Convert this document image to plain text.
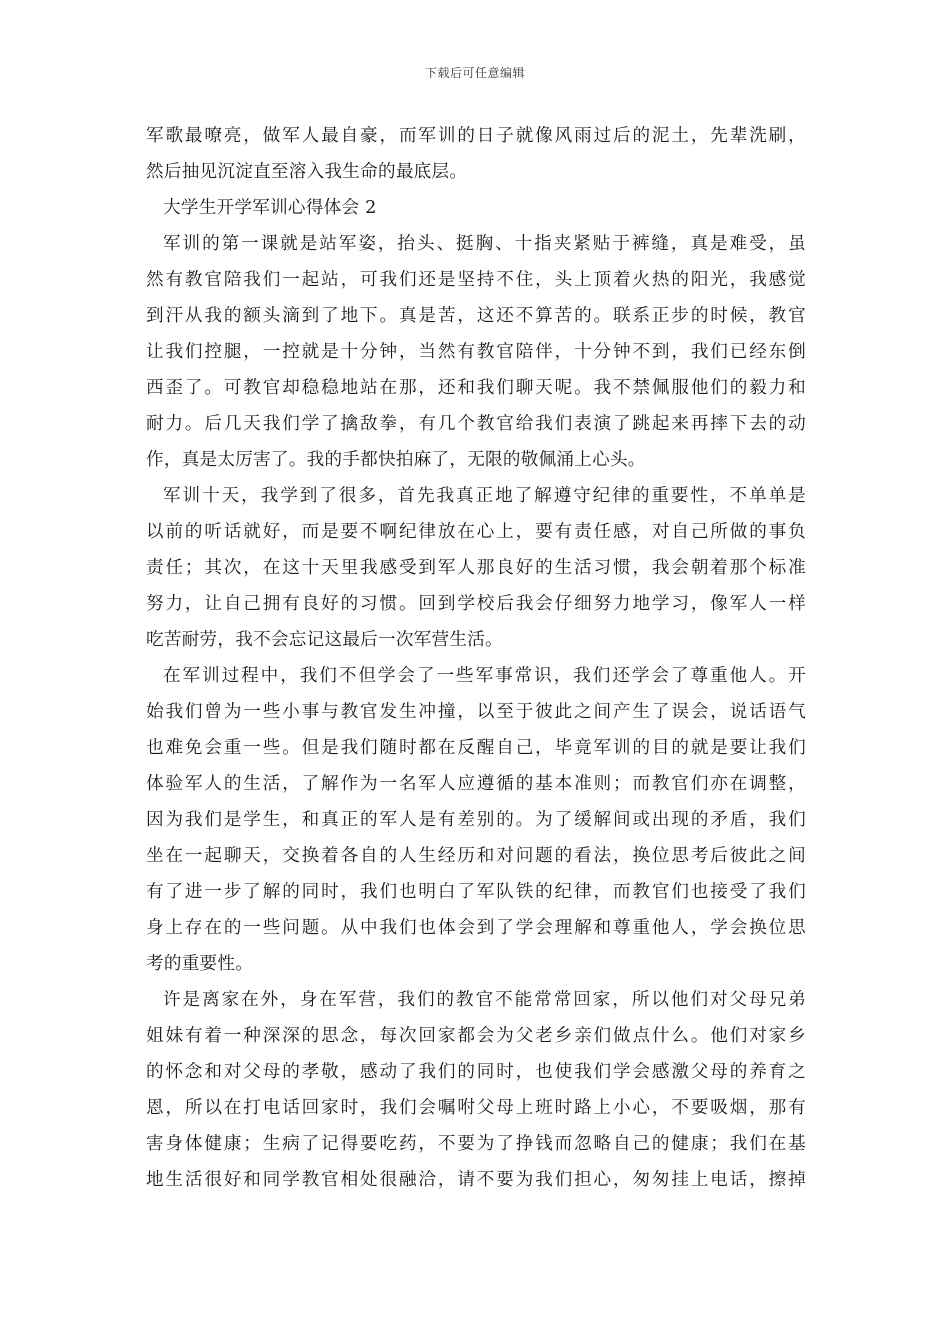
下载后可任意编辑
军歌最嘹亮，做军人最自豪，而军训的日子就像风雨过后的泥土，先辈洗刷，
然后抽见沉淀直至溶入我生命的最底层。
大学生开学军训心得体会 2
军训的第一课就是站军姿，抬头、挺胸、十指夹紧贴于裤缝，真是难受，虽
然有教官陪我们一起站，可我们还是坚持不住，头上顶着火热的阳光，我感觉
到汗从我的额头滴到了地下。真是苦，这还不算苦的。联系正步的时候，教官
让我们控腿，一控就是十分钟，当然有教官陪伴，十分钟不到，我们已经东倒
西歪了。可教官却稳稳地站在那，还和我们聊天呢。我不禁佩服他们的毅力和
耐力。后几天我们学了擒敌拳，有几个教官给我们表演了跳起来再摔下去的动
作，真是太厉害了。我的手都快拍麻了，无限的敬佩涌上心头。
军训十天，我学到了很多，首先我真正地了解遵守纪律的重要性，不单单是
以前的听话就好，而是要不啊纪律放在心上，要有责任感，对自己所做的事负
责任；其次，在这十天里我感受到军人那良好的生活习惯，我会朝着那个标准
努力，让自己拥有良好的习惯。回到学校后我会仔细努力地学习，像军人一样
吃苦耐劳，我不会忘记这最后一次军营生活。
在军训过程中，我们不但学会了一些军事常识，我们还学会了尊重他人。开
始我们曾为一些小事与教官发生冲撞，以至于彼此之间产生了误会，说话语气
也难免会重一些。但是我们随时都在反醒自己，毕竟军训的目的就是要让我们
体验军人的生活，了解作为一名军人应遵循的基本准则；而教官们亦在调整，
因为我们是学生，和真正的军人是有差别的。为了缓解间或出现的矛盾，我们
坐在一起聊天，交换着各自的人生经历和对问题的看法，换位思考后彼此之间
有了进一步了解的同时，我们也明白了军队铁的纪律，而教官们也接受了我们
身上存在的一些问题。从中我们也体会到了学会理解和尊重他人，学会换位思
考的重要性。
许是离家在外，身在军营，我们的教官不能常常回家，所以他们对父母兄弟
姐妹有着一种深深的思念，每次回家都会为父老乡亲们做点什么。他们对家乡
的怀念和对父母的孝敬，感动了我们的同时，也使我们学会感激父母的养育之
恩，所以在打电话回家时，我们会嘱咐父母上班时路上小心，不要吸烟，那有
害身体健康；生病了记得要吃药，不要为了挣钱而忽略自己的健康；我们在基
地生活很好和同学教官相处很融洽，请不要为我们担心，匆匆挂上电话，擦掉
